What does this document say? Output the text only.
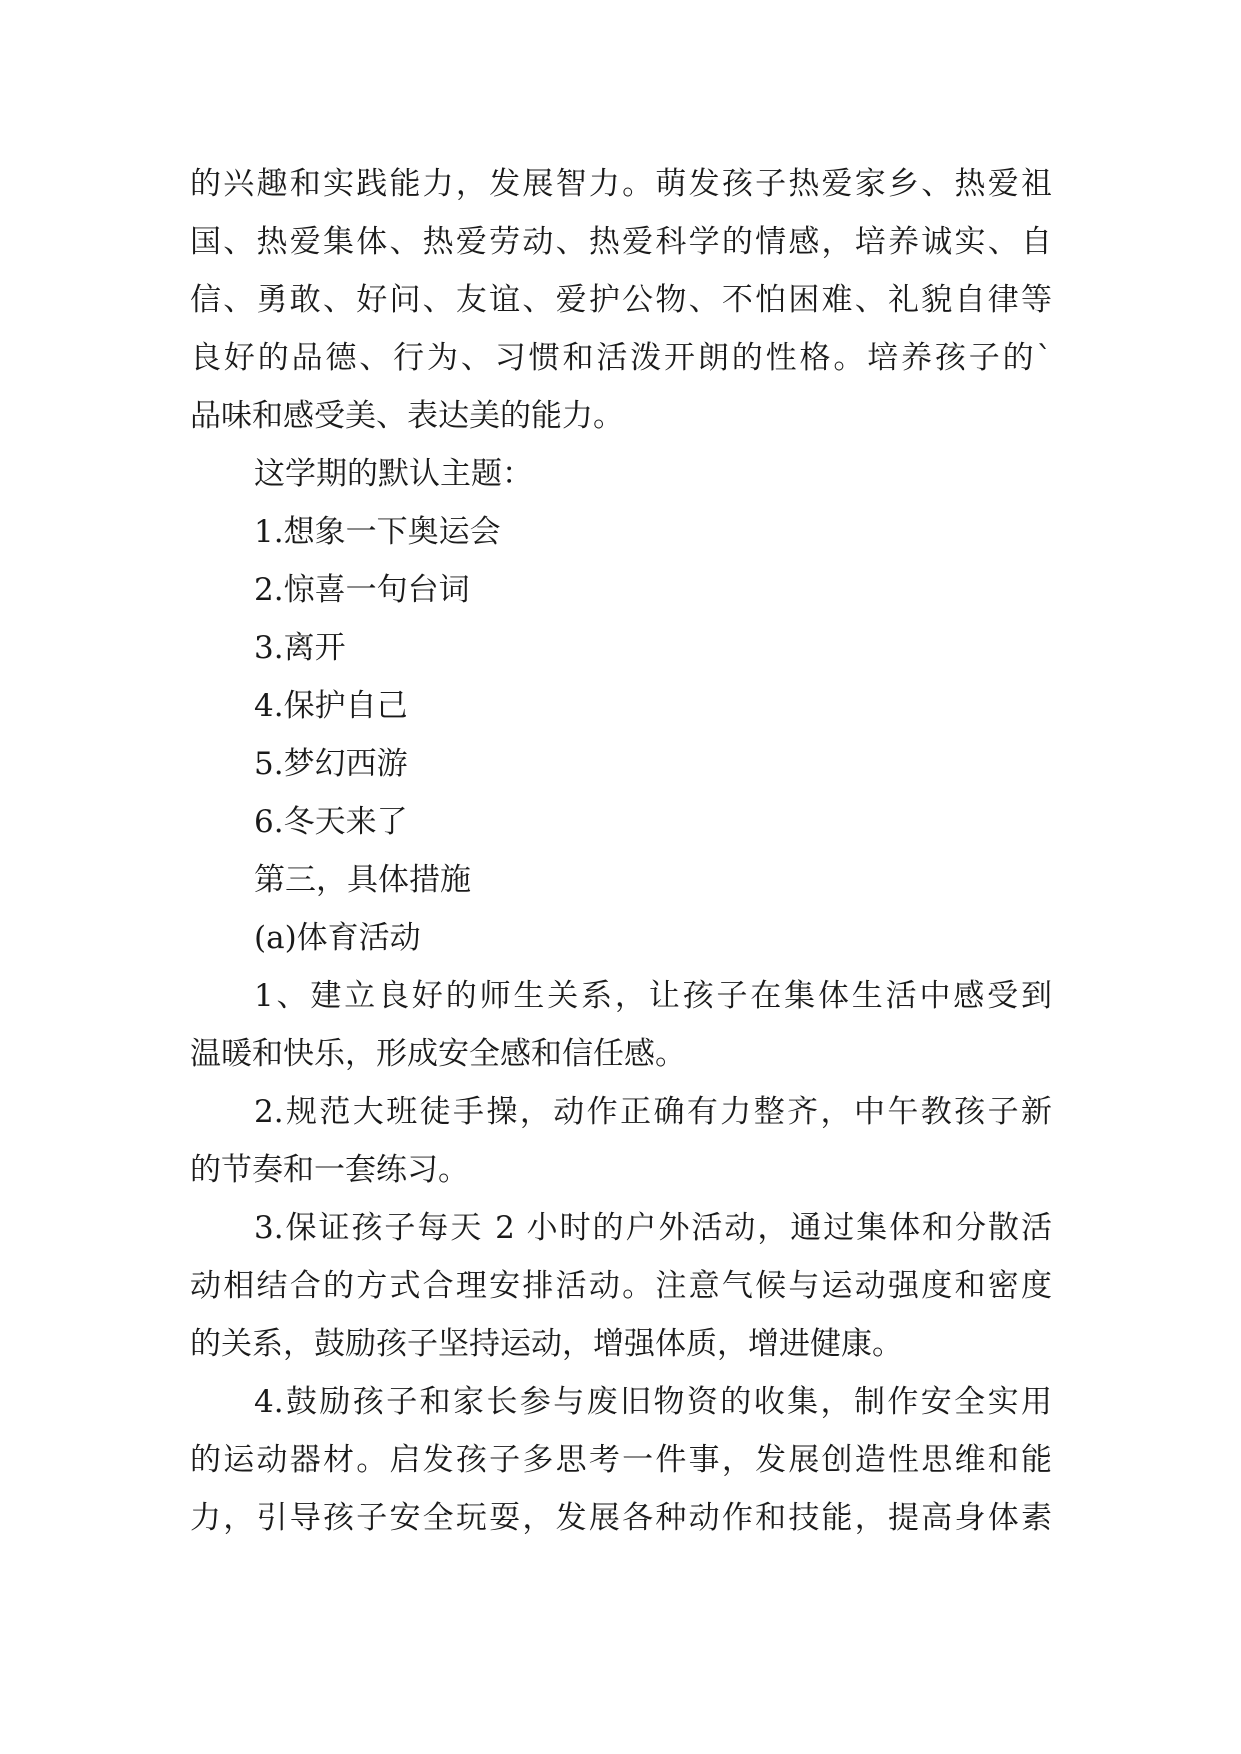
的兴趣和实践能力，发展智力。萌发孩子热爱家乡、热爱祖
国、热爱集体、热爱劳动、热爱科学的情感，培养诚实、自
信、勇敢、好问、友谊、爱护公物、不怕困难、礼貌自律等
良好的品德、行为、习惯和活泼开朗的性格。培养孩子的`
品味和感受美、表达美的能力。
这学期的默认主题：
1.想象一下奥运会
2.惊喜一句台词
3.离开
4.保护自己
5.梦幻西游
6.冬天来了
第三，具体措施
(a)体育活动
1、建立良好的师生关系，让孩子在集体生活中感受到
温暖和快乐，形成安全感和信任感。
2.规范大班徒手操，动作正确有力整齐，中午教孩子新
的节奏和一套练习。
3.保证孩子每天 2 小时的户外活动，通过集体和分散活
动相结合的方式合理安排活动。注意气候与运动强度和密度
的关系，鼓励孩子坚持运动，增强体质，增进健康。
4.鼓励孩子和家长参与废旧物资的收集，制作安全实用
的运动器材。启发孩子多思考一件事，发展创造性思维和能
力，引导孩子安全玩耍，发展各种动作和技能，提高身体素
